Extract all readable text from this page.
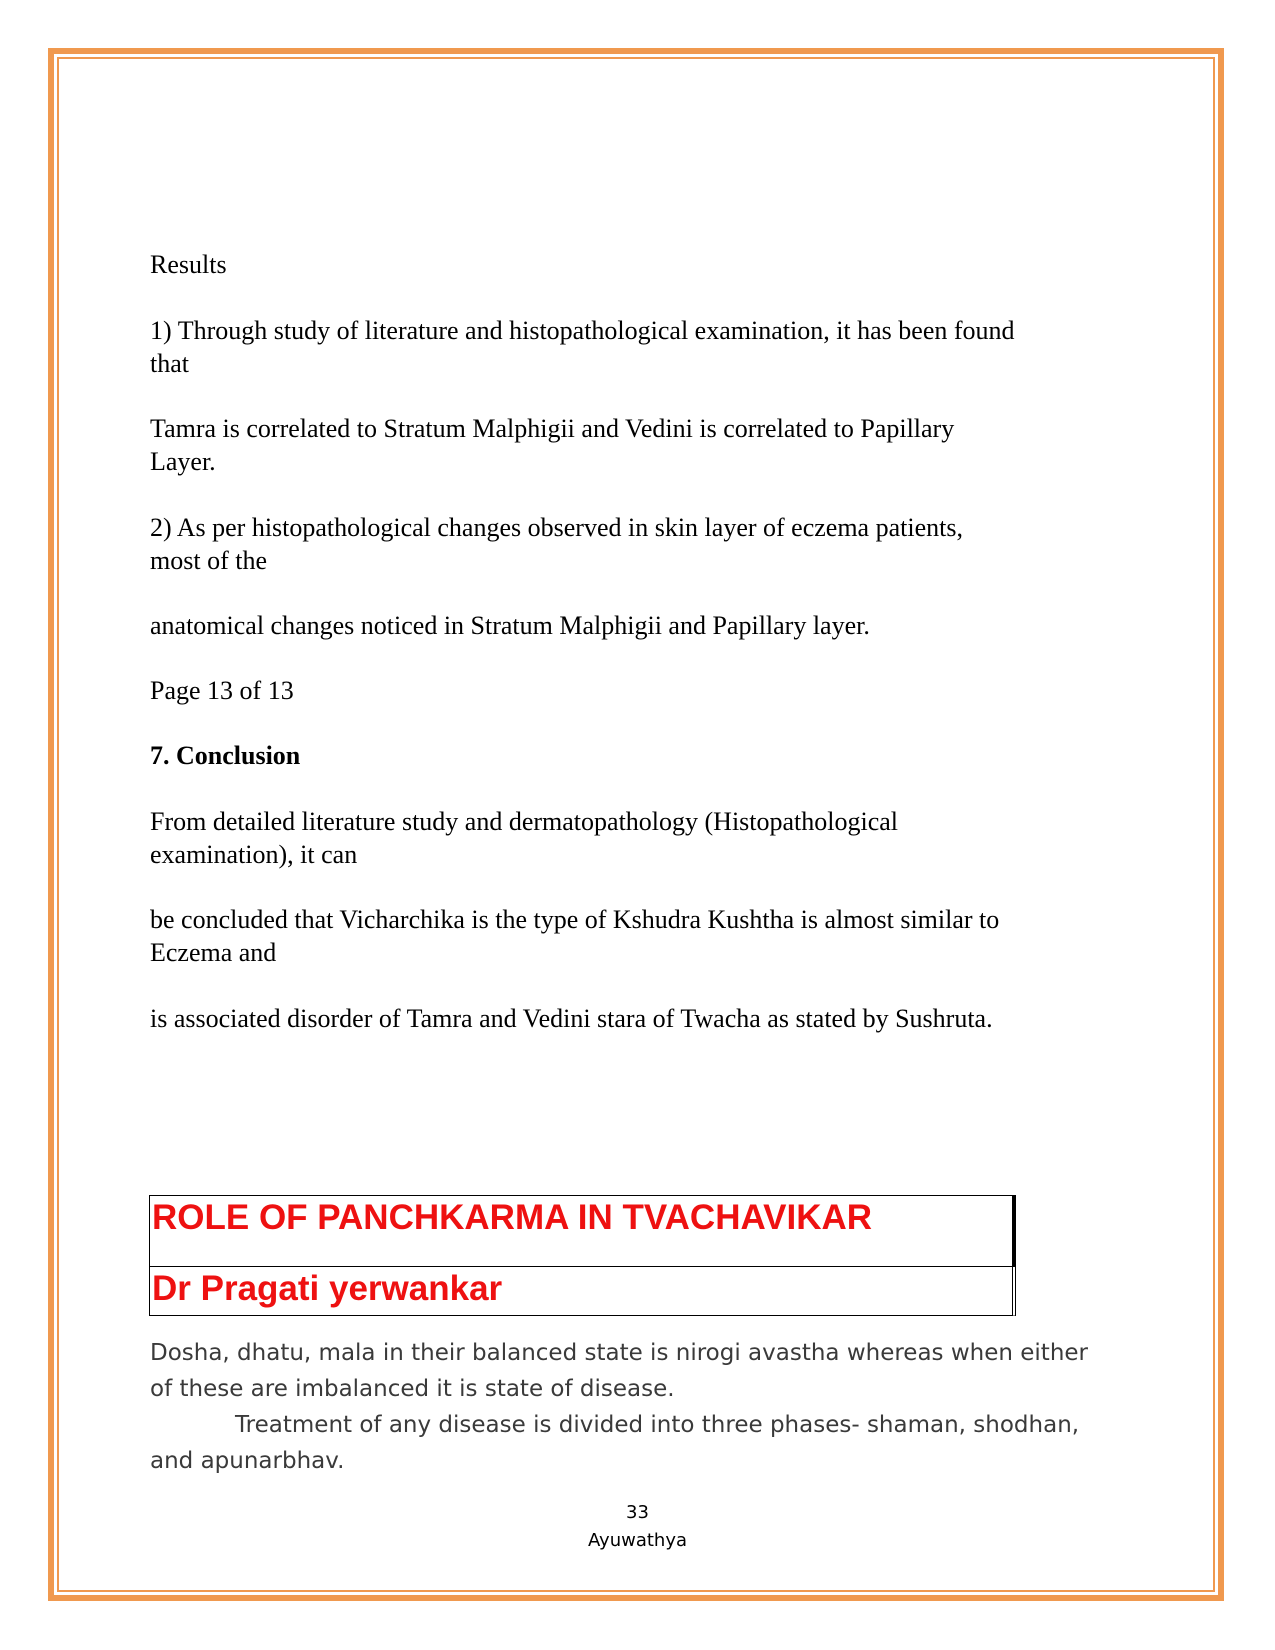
Results

1) Through study of literature and histopathological examination, it has been found

that

Tamra is correlated to Stratum Malphigii and Vedini is correlated to Papillary

Layer.

2) As per histopathological changes observed in skin layer of eczema patients,

most of the

anatomical changes noticed in Stratum Malphigii and Papillary layer.

Page 13 of 13

7. Conclusion

From detailed literature study and dermatopathology (Histopathological

examination), it can

be concluded that Vicharchika is the type of Kshudra Kushtha is almost similar to

Eczema and

is associated disorder of Tamra and Vedini stara of Twacha as stated by Sushruta.

ROLE OF PANCHKARMA IN TVACHAVIKAR
Dr Pragati yerwankar

Dosha, dhatu, mala in their balanced state is nirogi avastha whereas when either

of these are imbalanced it is state of disease.

Treatment of any disease is divided into three phases- shaman, shodhan,

and apunarbhav.

33
Ayuwathya
